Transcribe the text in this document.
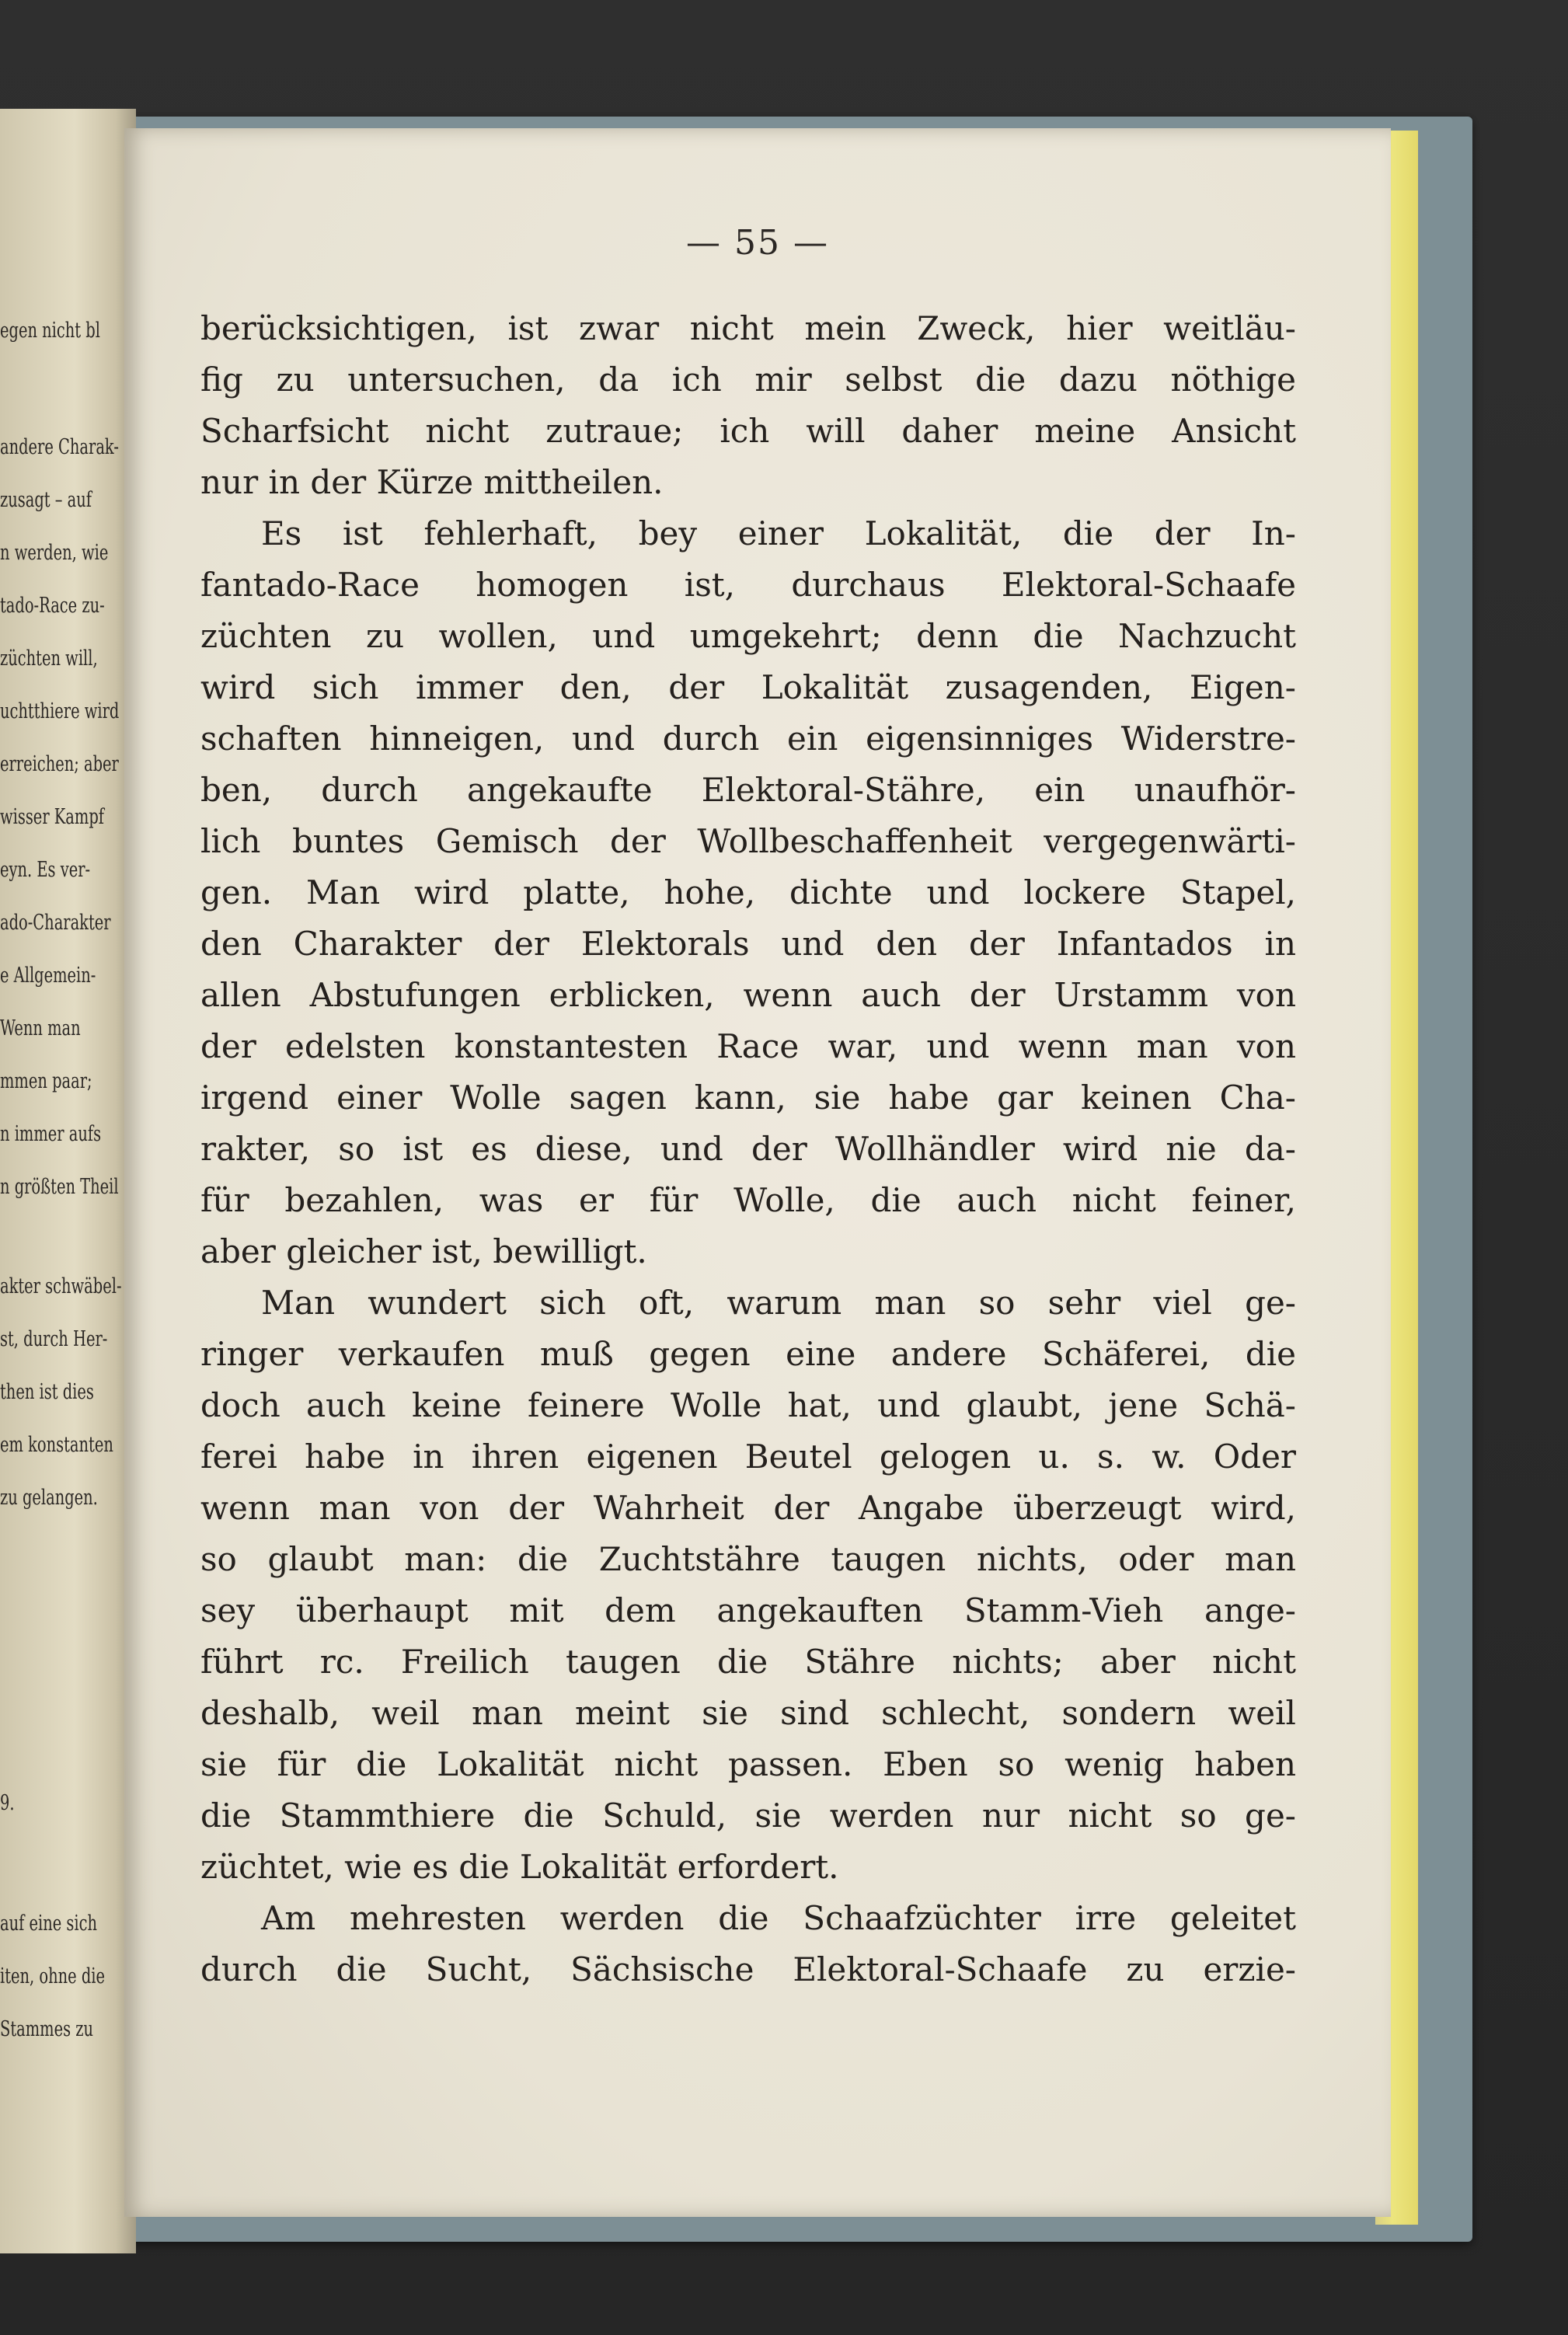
egen nicht bl
andere Charak-
zusagt – auf
n werden, wie
tado-Race zu-
züchten will,
uchtthiere wird
erreichen; aber
wisser Kampf
eyn. Es ver-
ado-Charakter
e Allgemein-
Wenn man
mmen paar;
n immer aufs
n größten Theil
akter schwäbel-
st, durch Her-
then ist dies
em konstanten
zu gelangen.
9.
auf eine sich
iten, ohne die
Stammes zu
— 55 —
berücksichtigen, ist zwar nicht mein Zweck, hier weitläu-
fig zu untersuchen, da ich mir selbst die dazu nöthige
Scharfsicht nicht zutraue; ich will daher meine Ansicht
nur in der Kürze mittheilen.
Es ist fehlerhaft, bey einer Lokalität, die der In-
fantado-Race homogen ist, durchaus Elektoral-Schaafe
züchten zu wollen, und umgekehrt; denn die Nachzucht
wird sich immer den, der Lokalität zusagenden, Eigen-
schaften hinneigen, und durch ein eigensinniges Widerstre-
ben, durch angekaufte Elektoral-Stähre, ein unaufhör-
lich buntes Gemisch der Wollbeschaffenheit vergegenwärti-
gen. Man wird platte, hohe, dichte und lockere Stapel,
den Charakter der Elektorals und den der Infantados in
allen Abstufungen erblicken, wenn auch der Urstamm von
der edelsten konstantesten Race war, und wenn man von
irgend einer Wolle sagen kann, sie habe gar keinen Cha-
rakter, so ist es diese, und der Wollhändler wird nie da-
für bezahlen, was er für Wolle, die auch nicht feiner,
aber gleicher ist, bewilligt.
Man wundert sich oft, warum man so sehr viel ge-
ringer verkaufen muß gegen eine andere Schäferei, die
doch auch keine feinere Wolle hat, und glaubt, jene Schä-
ferei habe in ihren eigenen Beutel gelogen u. s. w. Oder
wenn man von der Wahrheit der Angabe überzeugt wird,
so glaubt man: die Zuchtstähre taugen nichts, oder man
sey überhaupt mit dem angekauften Stamm-Vieh ange-
führt rc. Freilich taugen die Stähre nichts; aber nicht
deshalb, weil man meint sie sind schlecht, sondern weil
sie für die Lokalität nicht passen. Eben so wenig haben
die Stammthiere die Schuld, sie werden nur nicht so ge-
züchtet, wie es die Lokalität erfordert.
Am mehresten werden die Schaafzüchter irre geleitet
durch die Sucht, Sächsische Elektoral-Schaafe zu erzie-
